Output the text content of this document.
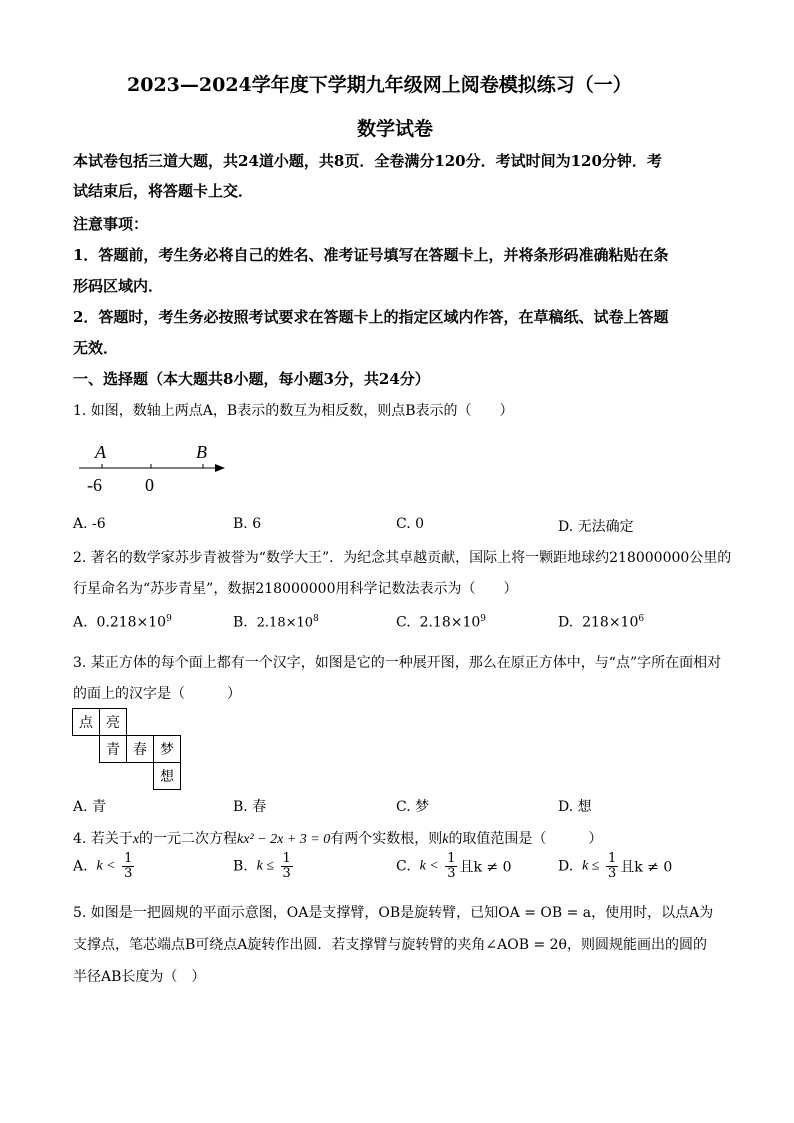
2023—2024学年度下学期九年级网上阅卷模拟练习（一）
数学试卷
本试卷包括三道大题，共24道小题，共8页．全卷满分120分．考试时间为120分钟．考
试结束后，将答题卡上交．
注意事项：
1．答题前，考生务必将自己的姓名、准考证号填写在答题卡上，并将条形码准确粘贴在条
形码区域内．
2．答题时，考生务必按照考试要求在答题卡上的指定区域内作答，在草稿纸、试卷上答题
无效．
一、选择题（本大题共8小题，每小题3分，共24分）
1. 如图，数轴上两点A，B表示的数互为相反数，则点B表示的（　　）
A	B
-6 0
A. -6	B. 6	C. 0	D. 无法确定
2. 著名的数学家苏步青被誉为“数学大王”．为纪念其卓越贡献，国际上将一颗距地球约218000000公里的
行星命名为“苏步青星”，数据218000000用科学记数法表示为（　　）
A. $0.218\times 10^9$	B. $2.18\times 10^8$	C. $2.18\times 10^9$	D. $218\times 10^6$
3. 某正方体的每个面上都有一个汉字，如图是它的一种展开图，那么在原正方体中，与“点”字所在面相对
的面上的汉字是（　　　）
点	亮		
	青	春	梦
			想
A. 青	B. 春	C. 梦	D. 想
4. 若关于x的一元二次方程kx² − 2x + 3 = 0有两个实数根，则k的取值范围是（　　　）
A. $k < \frac{1}{3}$	B. $k \le \frac{1}{3}$	C. $k < \frac{1}{3}$ 且k ≠ 0	D. $k \le \frac{1}{3}$ 且k ≠ 0
5. 如图是一把圆规的平面示意图，OA是支撑臂，OB是旋转臂，已知OA = OB = a，使用时，以点A为
支撑点，笔芯端点B可绕点A旋转作出圆．若支撑臂与旋转臂的夹角∠AOB = 2θ，则圆规能画出的圆的
半径AB长度为（　）
